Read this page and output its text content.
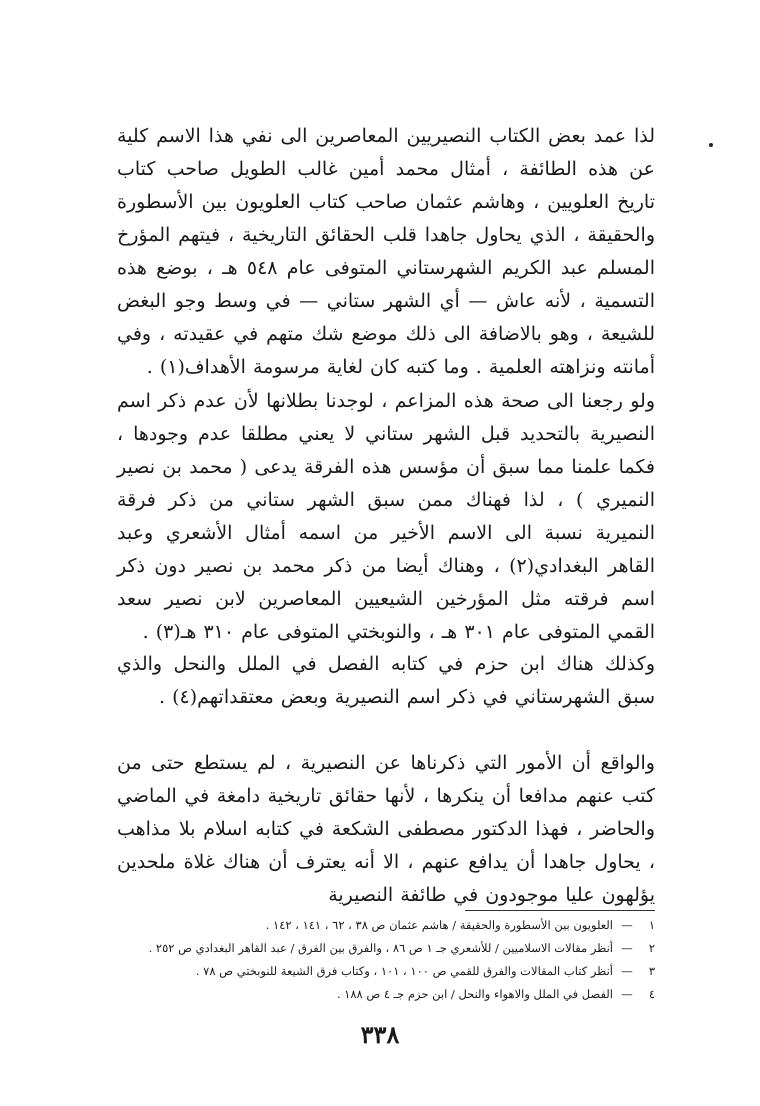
لذا عمد بعض الكتاب النصيريين المعاصرين الى نفي هذا الاسم كلية عن هذه الطائفة ، أمثال محمد أمين غالب الطويل صاحب كتاب تاريخ العلويين ، وهاشم عثمان صاحب كتاب العلويون بين الأسطورة والحقيقة ، الذي يحاول جاهدا قلب الحقائق التاريخية ، فيتهم المؤرخ المسلم عبد الكريم الشهرستاني المتوفى عام ٥٤٨ هـ ، بوضع هذه التسمية ، لأنه عاش — أي الشهر ستاني — في وسط وجو البغض للشيعة ، وهو بالاضافة الى ذلك موضع شك متهم في عقيدته ، وفي أمانته ونزاهته العلمية . وما كتبه كان لغاية مرسومة الأهداف(١) .

ولو رجعنا الى صحة هذه المزاعم ، لوجدنا بطلانها لأن عدم ذكر اسم النصيرية بالتحديد قبل الشهر ستاني لا يعني مطلقا عدم وجودها ، فكما علمنا مما سبق أن مؤسس هذه الفرقة يدعى ( محمد بن نصير النميري ) ، لذا فهناك ممن سبق الشهر ستاني من ذكر فرقة النميرية نسبة الى الاسم الأخير من اسمه أمثال الأشعري وعبد القاهر البغدادي(٢) ، وهناك أيضا من ذكر محمد بن نصير دون ذكر اسم فرقته مثل المؤرخين الشيعيين المعاصرين لابن نصير سعد القمي المتوفى عام ٣٠١ هـ ، والنوبختي المتوفى عام ٣١٠ هـ(٣) .

وكذلك هناك ابن حزم في كتابه الفصل في الملل والنحل والذي سبق الشهرستاني في ذكر اسم النصيرية وبعض معتقداتهم(٤) .

والواقع أن الأمور التي ذكرناها عن النصيرية ، لم يستطع حتى من كتب عنهم مدافعا أن ينكرها ، لأنها حقائق تاريخية دامغة في الماضي والحاضر ، فهذا الدكتور مصطفى الشكعة في كتابه اسلام بلا مذاهب ، يحاول جاهدا أن يدافع عنهم ، الا أنه يعترف أن هناك غلاة ملحدين يؤلهون عليا موجودون في طائفة النصيرية

١
—
العلويون بين الأسطورة والحقيقة / هاشم عثمان ص ٣٨ ، ٦٢ ، ١٤١ ، ١٤٢ .
٢
—
أنظر مقالات الاسلاميين / للأشعري جـ ١ ص ٨٦ ، والفرق بين الفرق / عبد القاهر البغدادي ص ٢٥٢ .
٣
—
أنظر كتاب المقالات والفرق للقمي ص ١٠٠ ، ١٠١ ، وكتاب فرق الشيعة للنوبختي ص ٧٨ .
٤
—
الفصل في الملل والاهواء والنحل / ابن حزم جـ ٤ ص ١٨٨ .
٣٣٨
